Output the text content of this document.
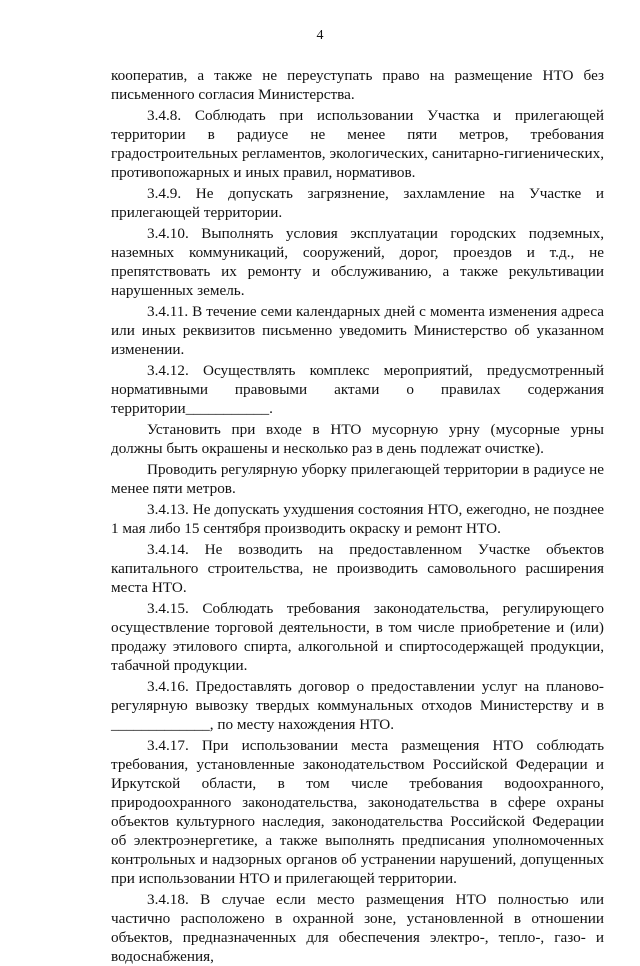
4

кооператив, а также не переуступать право на размещение НТО без письменного согласия Министерства.

3.4.8. Соблюдать при использовании Участка и прилегающей территории в радиусе не менее пяти метров, требования градостроительных регламентов, экологических, санитарно-гигиенических, противопожарных и иных правил, нормативов.

3.4.9. Не допускать загрязнение, захламление на Участке и прилегающей территории.

3.4.10. Выполнять условия эксплуатации городских подземных, наземных коммуникаций, сооружений, дорог, проездов и т.д., не препятствовать их ремонту и обслуживанию, а также рекультивации нарушенных земель.

3.4.11. В течение семи календарных дней с момента изменения адреса или иных реквизитов письменно уведомить Министерство об указанном изменении.

3.4.12. Осуществлять комплекс мероприятий, предусмотренный нормативными правовыми актами о правилах содержания территории___________.

Установить при входе в НТО мусорную урну (мусорные урны должны быть окрашены и несколько раз в день подлежат очистке).

Проводить регулярную уборку прилегающей территории в радиусе не менее пяти метров.

3.4.13. Не допускать ухудшения состояния НТО, ежегодно, не позднее 1 мая либо 15 сентября производить окраску и ремонт НТО.

3.4.14. Не возводить на предоставленном Участке объектов капитального строительства, не производить самовольного расширения места НТО.

3.4.15. Соблюдать требования законодательства, регулирующего осуществление торговой деятельности, в том числе приобретение и (или) продажу этилового спирта, алкогольной и спиртосодержащей продукции, табачной продукции.

3.4.16. Предоставлять договор о предоставлении услуг на планово-регулярную вывозку твердых коммунальных отходов Министерству и в _____________, по месту нахождения НТО.

3.4.17. При использовании места размещения НТО соблюдать требования, установленные законодательством Российской Федерации и Иркутской области, в том числе требования водоохранного, природоохранного законодательства, законодательства в сфере охраны объектов культурного наследия, законодательства Российской Федерации об электроэнергетике, а также выполнять предписания уполномоченных контрольных и надзорных органов об устранении нарушений, допущенных при использовании НТО и прилегающей территории.

3.4.18. В случае если место размещения НТО полностью или частично расположено в охранной зоне, установленной в отношении объектов, предназначенных для обеспечения электро-, тепло-, газо- и водоснабжения,
